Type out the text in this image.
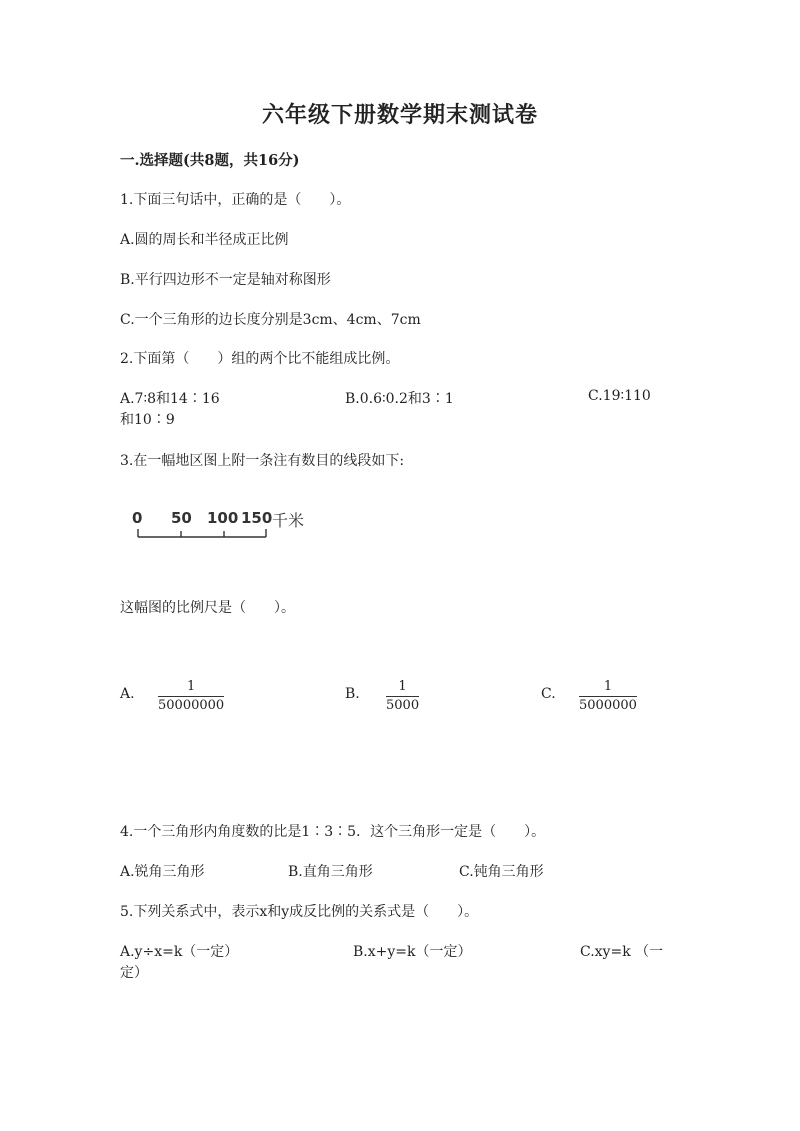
六年级下册数学期末测试卷
一.选择题(共8题，共16分)
1.下面三句话中，正确的是（　　）。
A.圆的周长和半径成正比例
B.平行四边形不一定是轴对称图形
C.一个三角形的边长度分别是3cm、4cm、7cm
2.下面第（　　）组的两个比不能组成比例。
A.7∶8和14∶16	B.0.6∶0.2和3∶1	C.19∶110
和10∶9
3.在一幅地区图上附一条注有数目的线段如下:
0 50 100 150 千米
这幅图的比例尺是（　　）。
A. $\frac{1}{50000000}$	B. $\frac{1}{5000}$	C. $\frac{1}{5000000}$
4.一个三角形内角度数的比是1∶3∶5．这个三角形一定是（　　）。
A.锐角三角形	B.直角三角形	C.钝角三角形
5.下列关系式中，表示x和y成反比例的关系式是（　　）。
A.y÷x=k（一定）	B.x+y=k（一定）	C.xy=k （一
定）
